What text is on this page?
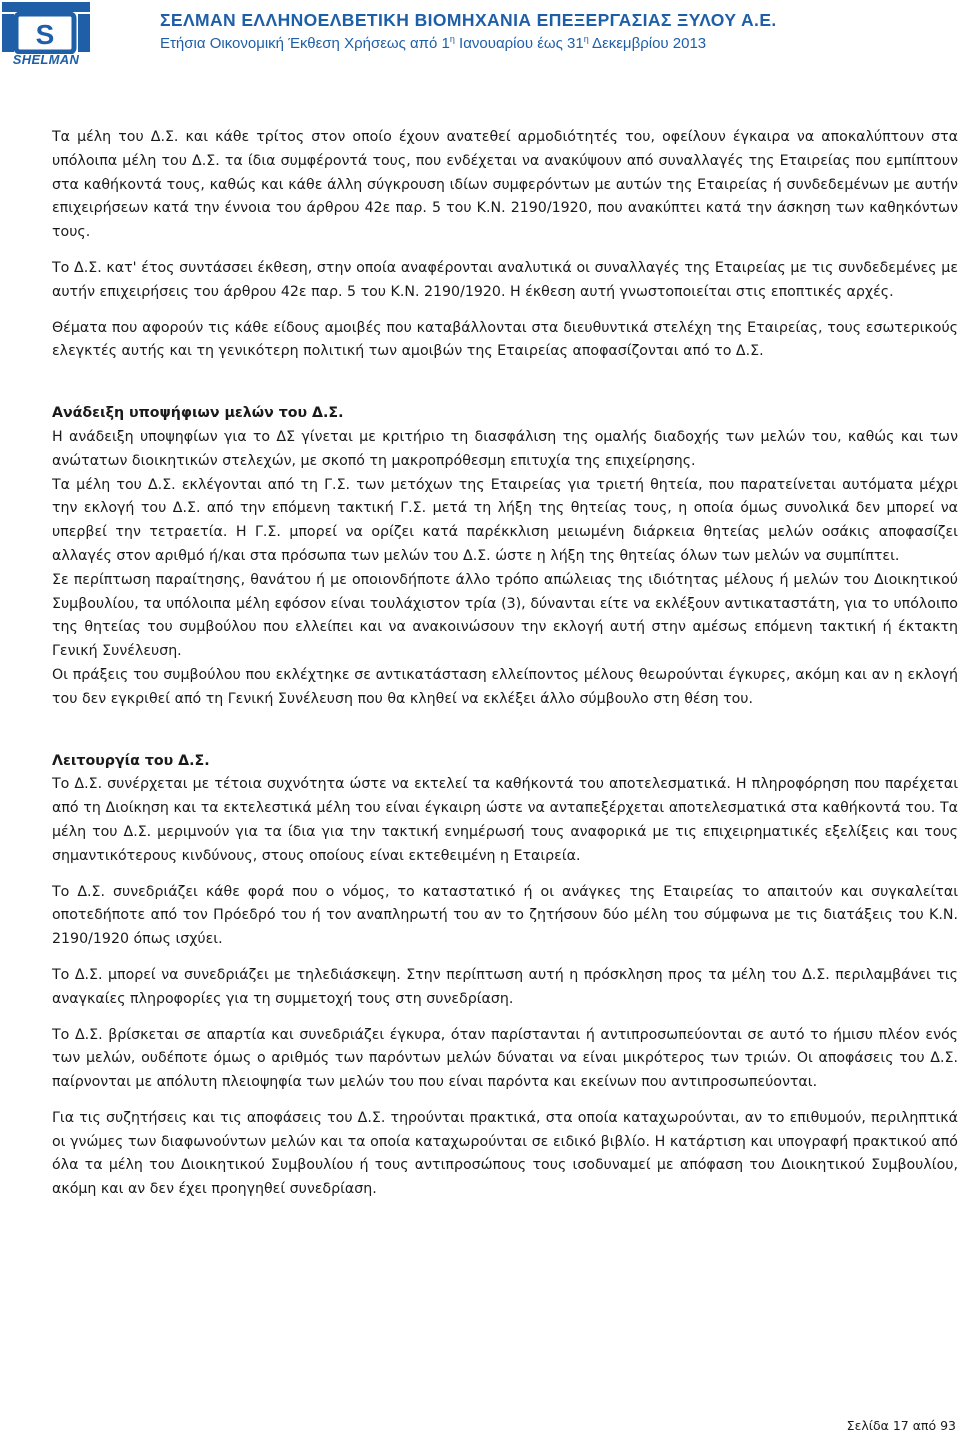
S
SHELMAN
ΣΕΛΜΑΝ ΕΛΛΗΝΟΕΛΒΕΤΙΚΗ ΒΙΟΜΗΧΑΝΙΑ ΕΠΕΞΕΡΓΑΣΙΑΣ ΞΥΛΟΥ Α.Ε.
Ετήσια Οικονομική Έκθεση Χρήσεως από $1^\eta$ Ιανουαρίου έως $31^\eta$ Δεκεμβρίου 2013

Τα μέλη του Δ.Σ. και κάθε τρίτος στον οποίο έχουν ανατεθεί αρμοδιότητές του, οφείλουν έγκαιρα να αποκαλύπτουν στα υπόλοιπα μέλη του Δ.Σ. τα ίδια συμφέροντά τους, που ενδέχεται να ανακύψουν από συναλλαγές της Εταιρείας που εμπίπτουν στα καθήκοντά τους, καθώς και κάθε άλλη σύγκρουση ιδίων συμφερόντων με αυτών της Εταιρείας ή συνδεδεμένων με αυτήν επιχειρήσεων κατά την έννοια του άρθρου 42ε παρ. 5 του Κ.Ν. 2190/1920, που ανακύπτει κατά την άσκηση των καθηκόντων τους.

Το Δ.Σ. κατ' έτος συντάσσει έκθεση, στην οποία αναφέρονται αναλυτικά οι συναλλαγές της Εταιρείας με τις συνδεδεμένες με αυτήν επιχειρήσεις του άρθρου 42ε παρ. 5 του Κ.Ν. 2190/1920. Η έκθεση αυτή γνωστοποιείται στις εποπτικές αρχές.

Θέματα που αφορούν τις κάθε είδους αμοιβές που καταβάλλονται στα διευθυντικά στελέχη της Εταιρείας, τους εσωτερικούς ελεγκτές αυτής και τη γενικότερη πολιτική των αμοιβών της Εταιρείας αποφασίζονται από το Δ.Σ.

Ανάδειξη υποψήφιων μελών του Δ.Σ.

Η ανάδειξη υποψηφίων για το ΔΣ γίνεται με κριτήριο τη διασφάλιση της ομαλής διαδοχής των μελών του, καθώς και των ανώτατων διοικητικών στελεχών, με σκοπό τη μακροπρόθεσμη επιτυχία της επιχείρησης.

Τα μέλη του Δ.Σ. εκλέγονται από τη Γ.Σ. των μετόχων της Εταιρείας για τριετή θητεία, που παρατείνεται αυτόματα μέχρι την εκλογή του Δ.Σ. από την επόμενη τακτική Γ.Σ. μετά τη λήξη της θητείας τους, η οποία όμως συνολικά δεν μπορεί να υπερβεί την τετραετία. Η Γ.Σ. μπορεί να ορίζει κατά παρέκκλιση μειωμένη διάρκεια θητείας μελών οσάκις αποφασίζει αλλαγές στον αριθμό ή/και στα πρόσωπα των μελών του Δ.Σ. ώστε η λήξη της θητείας όλων των μελών να συμπίπτει.

Σε περίπτωση παραίτησης, θανάτου ή με οποιονδήποτε άλλο τρόπο απώλειας της ιδιότητας μέλους ή μελών του Διοικητικού Συμβουλίου, τα υπόλοιπα μέλη εφόσον είναι τουλάχιστον τρία (3), δύνανται είτε να εκλέξουν αντικαταστάτη, για το υπόλοιπο της θητείας του συμβούλου που ελλείπει και να ανακοινώσουν την εκλογή αυτή στην αμέσως επόμενη τακτική ή έκτακτη Γενική Συνέλευση.

Οι πράξεις του συμβούλου που εκλέχτηκε σε αντικατάσταση ελλείποντος μέλους θεωρούνται έγκυρες, ακόμη και αν η εκλογή του δεν εγκριθεί από τη Γενική Συνέλευση που θα κληθεί να εκλέξει άλλο σύμβουλο στη θέση του.

Λειτουργία του Δ.Σ.

Το Δ.Σ. συνέρχεται με τέτοια συχνότητα ώστε να εκτελεί τα καθήκοντά του αποτελεσματικά. Η πληροφόρηση που παρέχεται από τη Διοίκηση και τα εκτελεστικά μέλη του είναι έγκαιρη ώστε να ανταπεξέρχεται αποτελεσματικά στα καθήκοντά του. Τα μέλη του Δ.Σ. μεριμνούν για τα ίδια για την τακτική ενημέρωσή τους αναφορικά με τις επιχειρηματικές εξελίξεις και τους σημαντικότερους κινδύνους, στους οποίους είναι εκτεθειμένη η Εταιρεία.

Το Δ.Σ. συνεδριάζει κάθε φορά που ο νόμος, το καταστατικό ή οι ανάγκες της Εταιρείας το απαιτούν και συγκαλείται οποτεδήποτε από τον Πρόεδρό του ή τον αναπληρωτή του αν το ζητήσουν δύο μέλη του σύμφωνα με τις διατάξεις του Κ.Ν. 2190/1920 όπως ισχύει.

Το Δ.Σ. μπορεί να συνεδριάζει με τηλεδιάσκεψη. Στην περίπτωση αυτή η πρόσκληση προς τα μέλη του Δ.Σ. περιλαμβάνει τις αναγκαίες πληροφορίες για τη συμμετοχή τους στη συνεδρίαση.

Το Δ.Σ. βρίσκεται σε απαρτία και συνεδριάζει έγκυρα, όταν παρίστανται ή αντιπροσωπεύονται σε αυτό το ήμισυ πλέον ενός των μελών, ουδέποτε όμως ο αριθμός των παρόντων μελών δύναται να είναι μικρότερος των τριών. Οι αποφάσεις του Δ.Σ. παίρνονται με απόλυτη πλειοψηφία των μελών του που είναι παρόντα και εκείνων που αντιπροσωπεύονται.

Για τις συζητήσεις και τις αποφάσεις του Δ.Σ. τηρούνται πρακτικά, στα οποία καταχωρούνται, αν το επιθυμούν, περιληπτικά οι γνώμες των διαφωνούντων μελών και τα οποία καταχωρούνται σε ειδικό βιβλίο. Η κατάρτιση και υπογραφή πρακτικού από όλα τα μέλη του Διοικητικού Συμβουλίου ή τους αντιπροσώπους τους ισοδυναμεί με απόφαση του Διοικητικού Συμβουλίου, ακόμη και αν δεν έχει προηγηθεί συνεδρίαση.

Σελίδα 17 από 93
